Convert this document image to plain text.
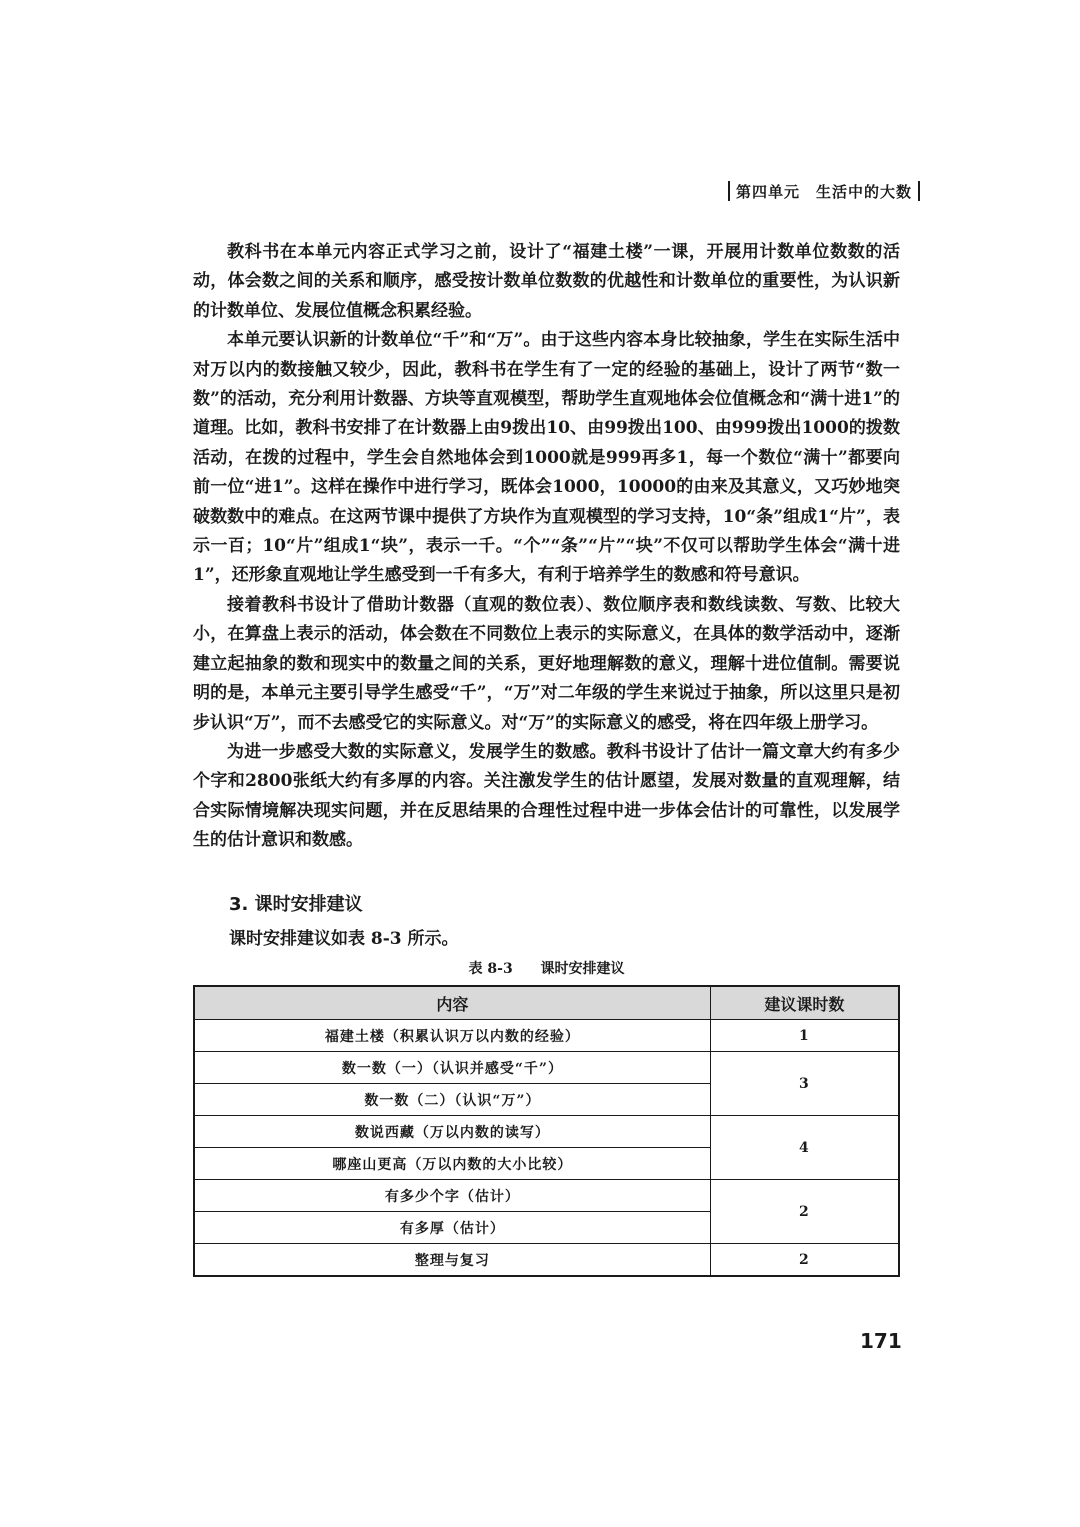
第四单元 生活中的大数

教科书在本单元内容正式学习之前，设计了“福建土楼”一课，开展用计数单位数数的活动，体会数之间的关系和顺序，感受按计数单位数数的优越性和计数单位的重要性，为认识新的计数单位、发展位值概念积累经验。

本单元要认识新的计数单位“千”和“万”。由于这些内容本身比较抽象，学生在实际生活中对万以内的数接触又较少，因此，教科书在学生有了一定的经验的基础上，设计了两节“数一数”的活动，充分利用计数器、方块等直观模型，帮助学生直观地体会位值概念和“满十进1”的道理。比如，教科书安排了在计数器上由9拨出10、由99拨出100、由999拨出1000的拨数活动，在拨的过程中，学生会自然地体会到1000就是999再多1，每一个数位“满十”都要向前一位“进1”。这样在操作中进行学习，既体会1000，10000的由来及其意义，又巧妙地突破数数中的难点。在这两节课中提供了方块作为直观模型的学习支持，10“条”组成1“片”，表示一百；10“片”组成1“块”，表示一千。“个”“条”“片”“块”不仅可以帮助学生体会“满十进1”，还形象直观地让学生感受到一千有多大，有利于培养学生的数感和符号意识。

接着教科书设计了借助计数器（直观的数位表）、数位顺序表和数线读数、写数、比较大小，在算盘上表示的活动，体会数在不同数位上表示的实际意义，在具体的数学活动中，逐渐建立起抽象的数和现实中的数量之间的关系，更好地理解数的意义，理解十进位值制。需要说明的是，本单元主要引导学生感受“千”，“万”对二年级的学生来说过于抽象，所以这里只是初步认识“万”，而不去感受它的实际意义。对“万”的实际意义的感受，将在四年级上册学习。

为进一步感受大数的实际意义，发展学生的数感。教科书设计了估计一篇文章大约有多少个字和2800张纸大约有多厚的内容。关注激发学生的估计愿望，发展对数量的直观理解，结合实际情境解决现实问题，并在反思结果的合理性过程中进一步体会估计的可靠性，以发展学生的估计意识和数感。

3. 课时安排建议
课时安排建议如表 8-3 所示。
表 8-3 课时安排建议
内容	建议课时数
福建土楼（积累认识万以内数的经验）	1
数一数（一）（认识并感受“千”）	3
数一数（二）（认识“万”）	
数说西藏（万以内数的读写）	4
哪座山更高（万以内数的大小比较）	
有多少个字（估计）	2
有多厚（估计）	
整理与复习	2
171
